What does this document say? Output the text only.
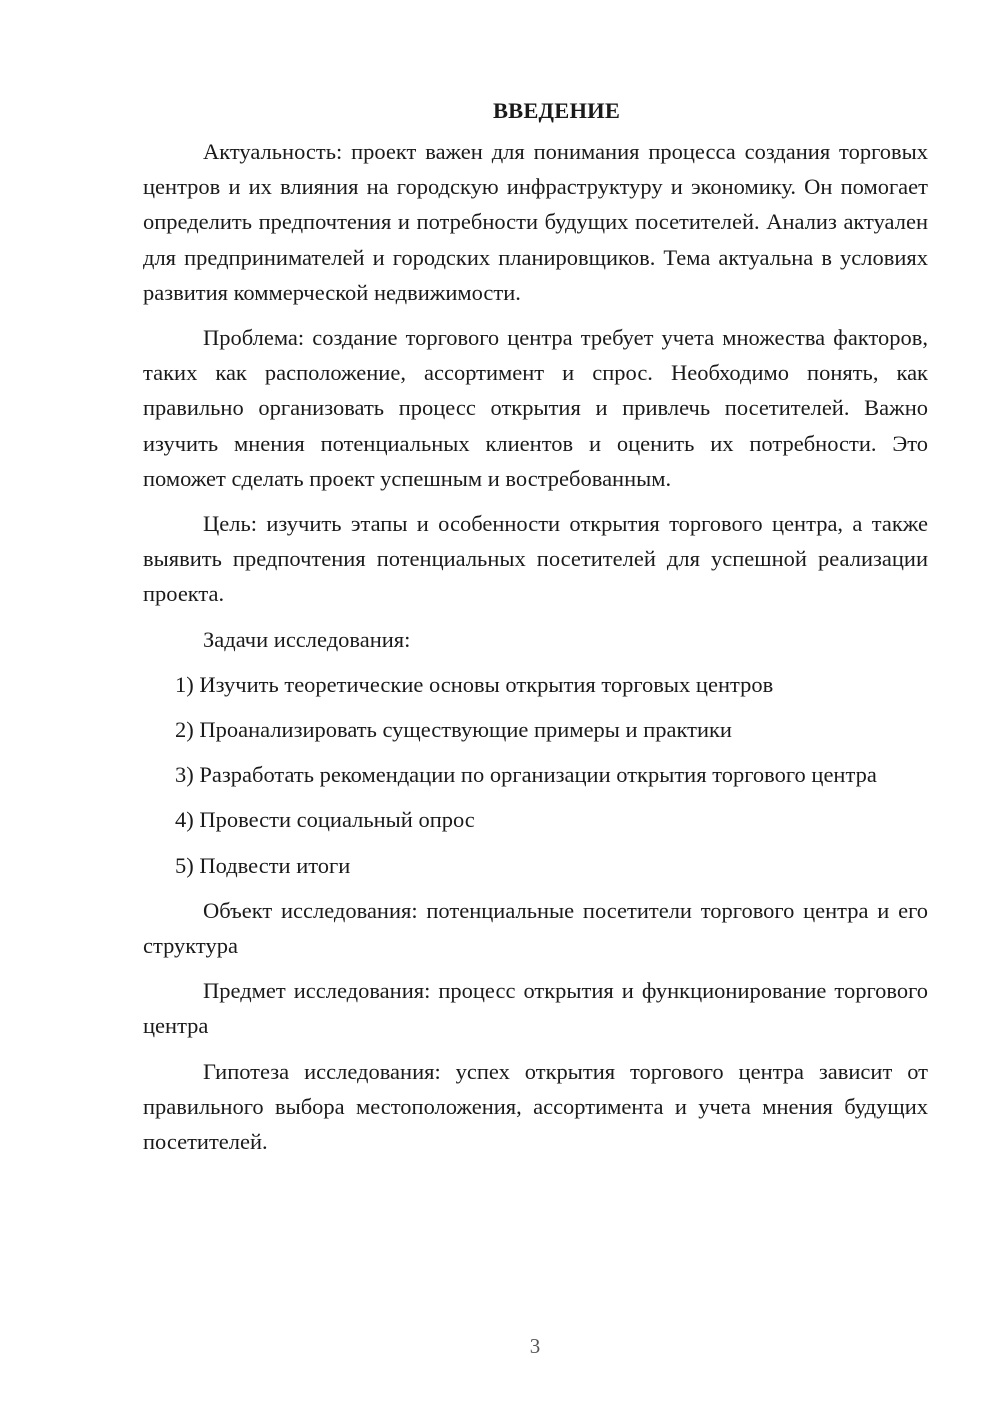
ВВЕДЕНИЕ

Актуальность: проект важен для понимания процесса создания торговых центров и их влияния на городскую инфраструктуру и экономику. Он помогает определить предпочтения и потребности будущих посетителей. Анализ актуален для предпринимателей и городских планировщиков. Тема актуальна в условиях развития коммерческой недвижимости.

Проблема: создание торгового центра требует учета множества факторов, таких как расположение, ассортимент и спрос. Необходимо понять, как правильно организовать процесс открытия и привлечь посетителей. Важно изучить мнения потенциальных клиентов и оценить их потребности. Это поможет сделать проект успешным и востребованным.

Цель: изучить этапы и особенности открытия торгового центра, а также выявить предпочтения потенциальных посетителей для успешной реализации проекта.

Задачи исследования:

1) Изучить теоретические основы открытия торговых центров

2) Проанализировать существующие примеры и практики

3) Разработать рекомендации по организации открытия торгового центра

4) Провести социальный опрос

5) Подвести итоги

Объект исследования: потенциальные посетители торгового центра и его структура

Предмет исследования: процесс открытия и функционирование торгового центра

Гипотеза исследования: успех открытия торгового центра зависит от правильного выбора местоположения, ассортимента и учета мнения будущих посетителей.

3
